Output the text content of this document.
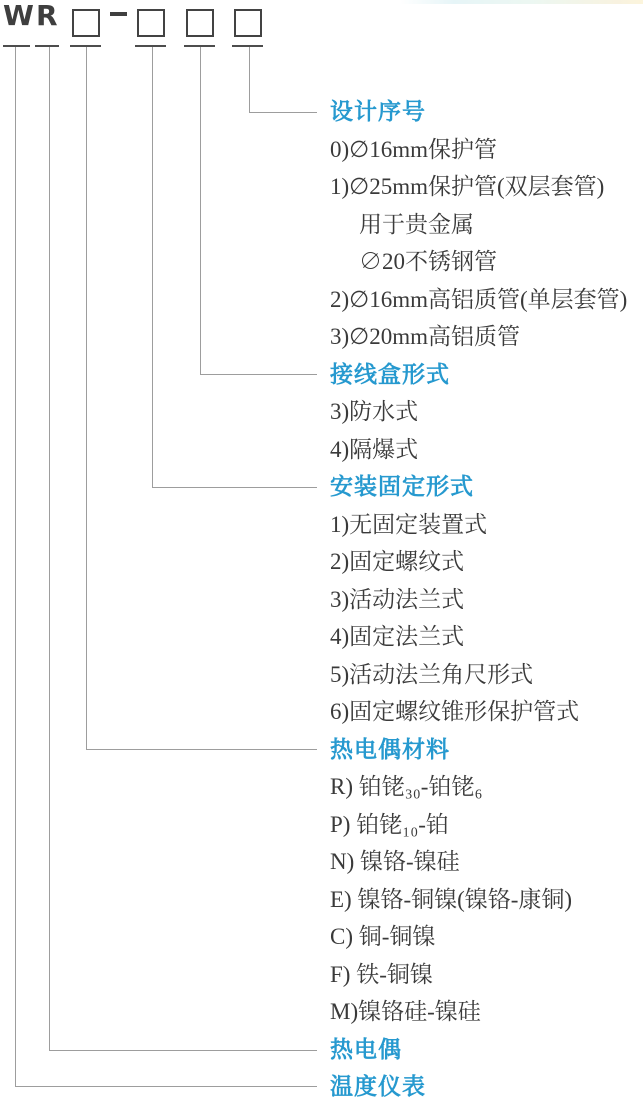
W R
设计序号
0)∅16mm保护管
1)∅25mm保护管(双层套管)
用于贵金属
∅20不锈钢管
2)∅16mm高铝质管(单层套管)
3)∅20mm高铝质管
接线盒形式
3)防水式
4)隔爆式
安装固定形式
1)无固定装置式
2)固定螺纹式
3)活动法兰式
4)固定法兰式
5)活动法兰角尺形式
6)固定螺纹锥形保护管式
热电偶材料
R) 铂铑₃₀-铂铑₆
P) 铂铑₁₀-铂
N) 镍铬-镍硅
E) 镍铬-铜镍(镍铬-康铜)
C) 铜-铜镍
F) 铁-铜镍
M)镍铬硅-镍硅
热电偶
温度仪表
